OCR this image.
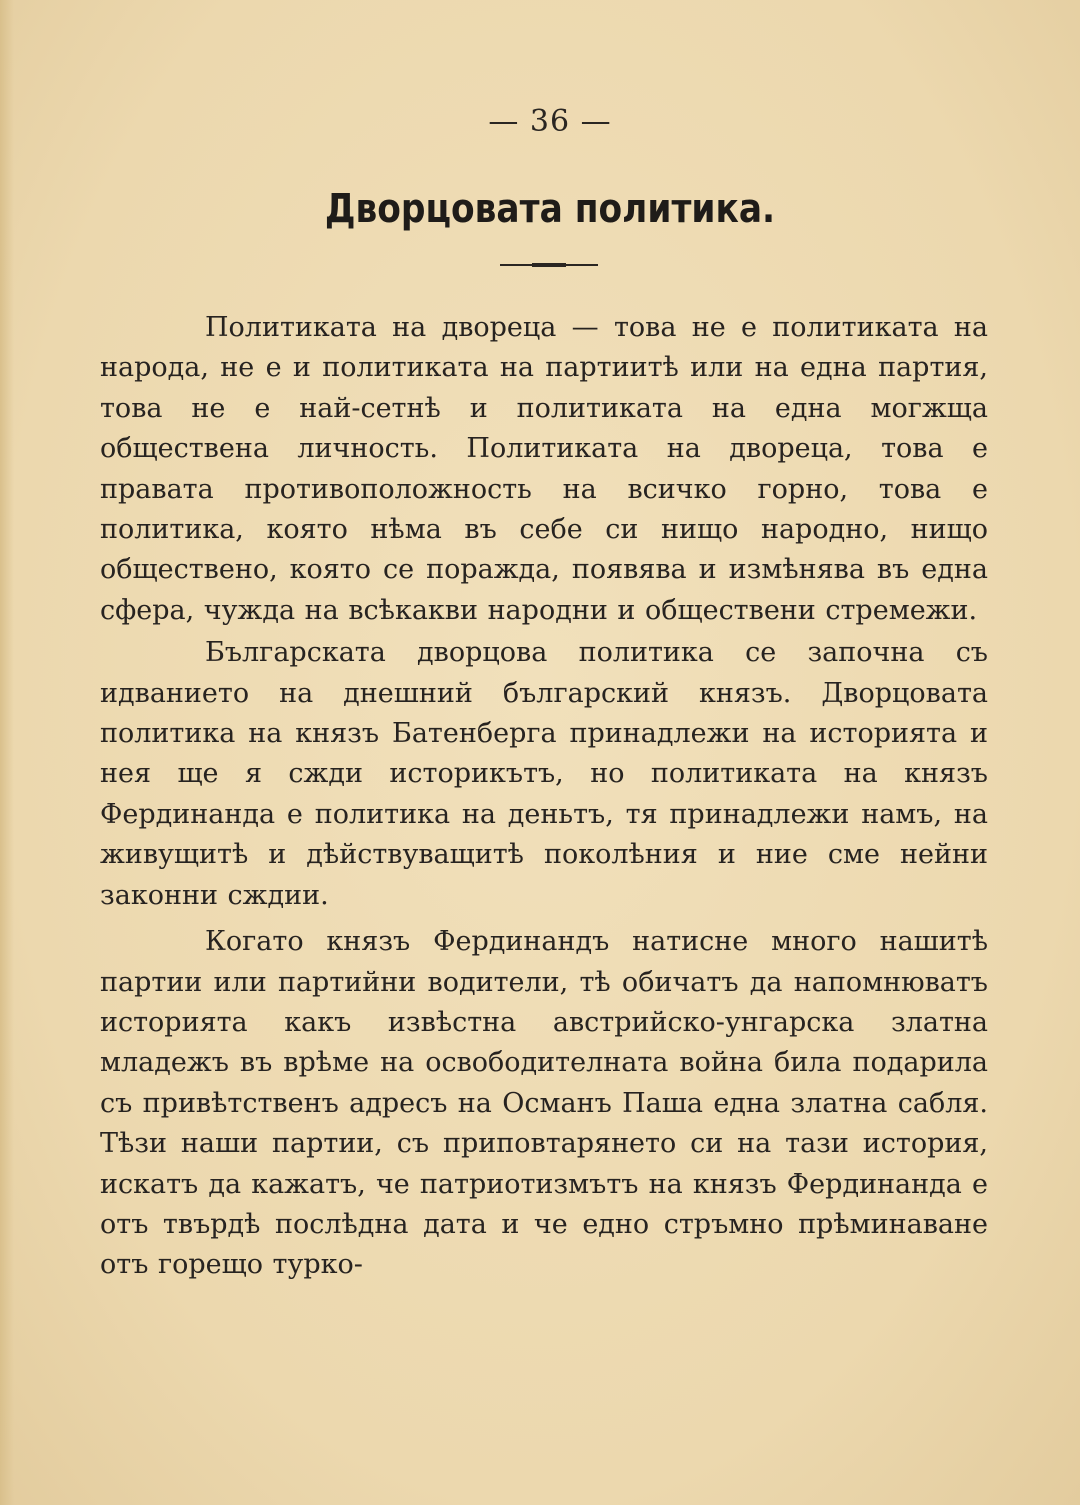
— 36 —
Дворцовата политика.

Политиката на двореца — това не е политиката на народа, не е и политиката на партиитѣ или на една партия, това не е най-сетнѣ и политиката на една могжща обществена личность. Политиката на двореца, това е правата противоположность на всичко горно, това е политика, която нѣма въ себе си нищо народно, нищо обществено, която се поражда, появява и измѣнява въ една сфера, чужда на всѣкакви народни и обществени стремежи.

Българската дворцова политика се започна съ идванието на днешний българский князъ. Дворцовата политика на князъ Батенберга принадлежи на историята и нея ще я сжди историкътъ, но политиката на князъ Фердинанда е политика на деньтъ, тя принадлежи намъ, на живущитѣ и дѣйствуващитѣ поколѣния и ние сме нейни законни сждии.

Когато князъ Фердинандъ натисне много нашитѣ партии или партийни водители, тѣ обичатъ да напомнюватъ историята какъ извѣстна австрийско-унгарска златна младежъ въ врѣме на освободителната война била подарила съ привѣтственъ адресъ на Османъ Паша една златна сабля. Тѣзи наши партии, съ приповтарянето си на тази история, искатъ да кажатъ, че патриотизмътъ на князъ Фердинанда е отъ твърдѣ послѣдна дата и че едно стръмно прѣминаване отъ горещо турко-
